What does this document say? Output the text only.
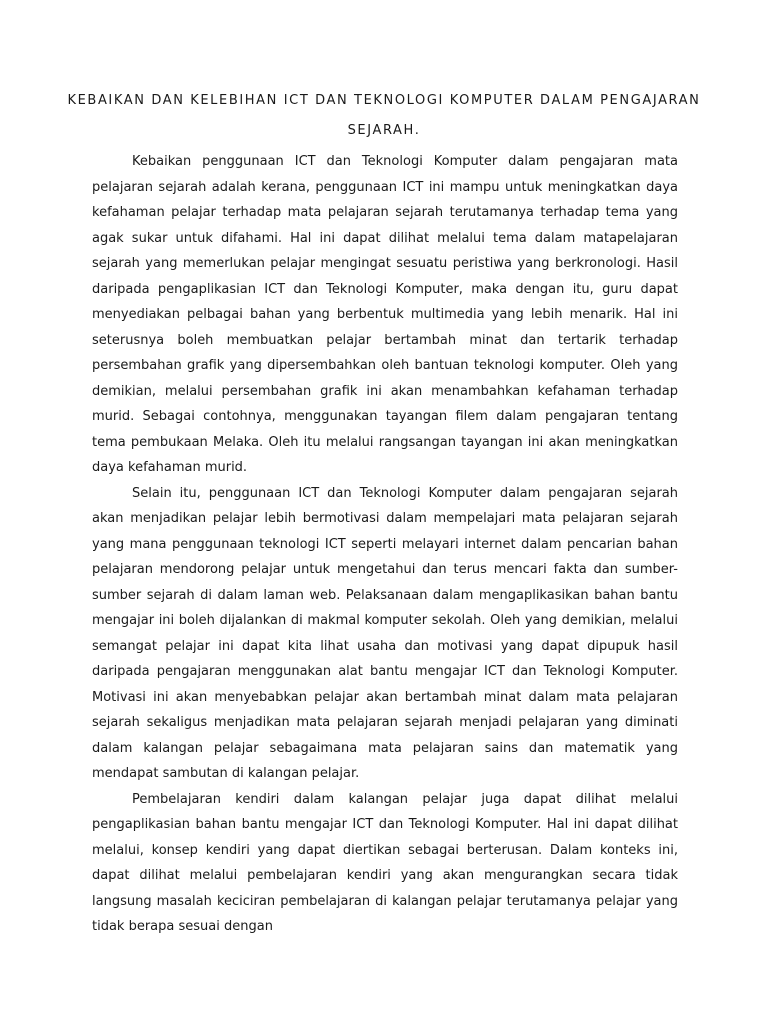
KEBAIKAN DAN KELEBIHAN ICT DAN TEKNOLOGI KOMPUTER DALAM PENGAJARAN SEJARAH.

Kebaikan penggunaan ICT dan Teknologi Komputer dalam pengajaran mata pelajaran sejarah adalah kerana, penggunaan ICT ini mampu untuk meningkatkan daya kefahaman pelajar terhadap mata pelajaran sejarah terutamanya terhadap tema yang agak sukar untuk difahami. Hal ini dapat dilihat melalui tema dalam matapelajaran sejarah yang memerlukan pelajar mengingat sesuatu peristiwa yang berkronologi. Hasil daripada pengaplikasian ICT dan Teknologi Komputer, maka dengan itu, guru dapat menyediakan pelbagai bahan yang berbentuk multimedia yang lebih menarik. Hal ini seterusnya boleh membuatkan pelajar bertambah minat dan tertarik terhadap persembahan grafik yang dipersembahkan oleh bantuan teknologi komputer. Oleh yang demikian, melalui persembahan grafik ini akan menambahkan kefahaman terhadap murid. Sebagai contohnya, menggunakan tayangan filem dalam pengajaran tentang tema pembukaan Melaka. Oleh itu melalui rangsangan tayangan ini akan meningkatkan daya kefahaman murid.

Selain itu, penggunaan ICT dan Teknologi Komputer dalam pengajaran sejarah akan menjadikan pelajar lebih bermotivasi dalam mempelajari mata pelajaran sejarah yang mana penggunaan teknologi ICT seperti melayari internet dalam pencarian bahan pelajaran mendorong pelajar untuk mengetahui dan terus mencari fakta dan sumber-sumber sejarah di dalam laman web. Pelaksanaan dalam mengaplikasikan bahan bantu mengajar ini boleh dijalankan di makmal komputer sekolah. Oleh yang demikian, melalui semangat pelajar ini dapat kita lihat usaha dan motivasi yang dapat dipupuk hasil daripada pengajaran menggunakan alat bantu mengajar ICT dan Teknologi Komputer. Motivasi ini akan menyebabkan pelajar akan bertambah minat dalam mata pelajaran sejarah sekaligus menjadikan mata pelajaran sejarah menjadi pelajaran yang diminati dalam kalangan pelajar sebagaimana mata pelajaran sains dan matematik yang mendapat sambutan di kalangan pelajar.

Pembelajaran kendiri dalam kalangan pelajar juga dapat dilihat melalui pengaplikasian bahan bantu mengajar ICT dan Teknologi Komputer. Hal ini dapat dilihat melalui, konsep kendiri yang dapat diertikan sebagai berterusan. Dalam konteks ini, dapat dilihat melalui pembelajaran kendiri yang akan mengurangkan secara tidak langsung masalah keciciran pembelajaran di kalangan pelajar terutamanya pelajar yang tidak berapa sesuai dengan
